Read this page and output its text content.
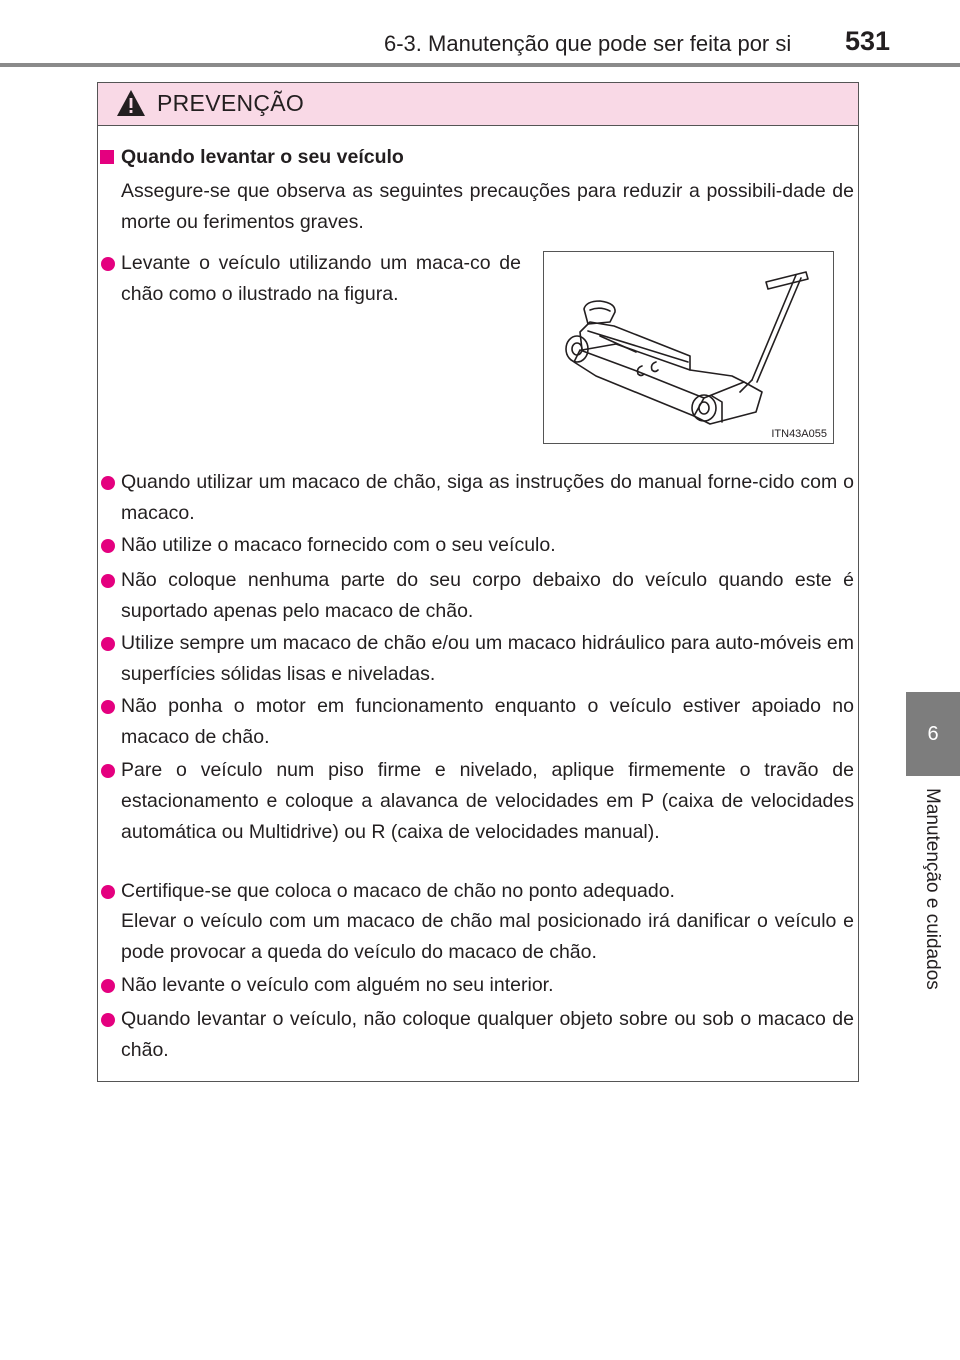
6-3. Manutenção que pode ser feita por si 531
6
Manutenção e cuidados
PREVENÇÃO
Quando levantar o seu veículo
Assegure-se que observa as seguintes precauções para reduzir a possibili-dade de morte ou ferimentos graves.
Levante o veículo utilizando um maca-co de chão como o ilustrado na figura.
ITN43A055
Quando utilizar um macaco de chão, siga as instruções do manual forne-cido com o macaco.
Não utilize o macaco fornecido com o seu veículo.
Não coloque nenhuma parte do seu corpo debaixo do veículo quando este é suportado apenas pelo macaco de chão.
Utilize sempre um macaco de chão e/ou um macaco hidráulico para auto-móveis em superfícies sólidas lisas e niveladas.
Não ponha o motor em funcionamento enquanto o veículo estiver apoiado no macaco de chão.
Pare o veículo num piso firme e nivelado, aplique firmemente o travão de estacionamento e coloque a alavanca de velocidades em P (caixa de velocidades automática ou Multidrive) ou R (caixa de velocidades manual).
Certifique-se que coloca o macaco de chão no ponto adequado.
Elevar o veículo com um macaco de chão mal posicionado irá danificar o veículo e pode provocar a queda do veículo do macaco de chão.
Não levante o veículo com alguém no seu interior.
Quando levantar o veículo, não coloque qualquer objeto sobre ou sob o macaco de chão.
